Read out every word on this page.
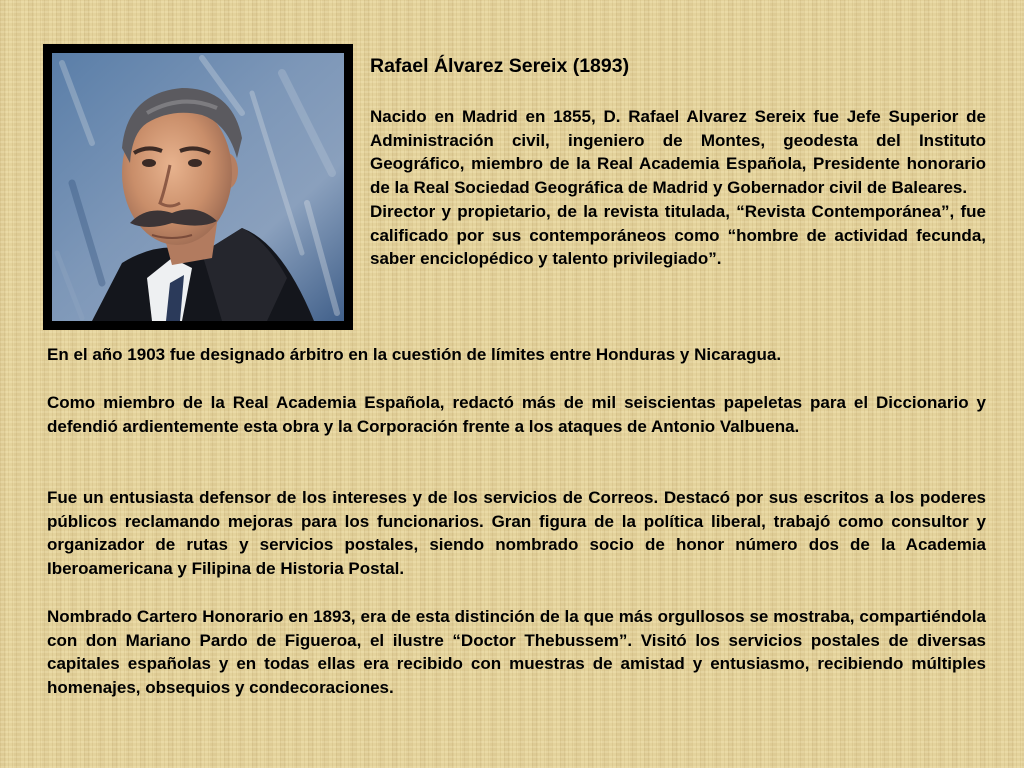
Rafael Álvarez Sereix (1893)

Nacido en Madrid en 1855, D. Rafael Alvarez Sereix fue Jefe Superior de Administración civil, ingeniero de Montes, geodesta del Instituto Geográfico, miembro de la Real Academia Española, Presidente honorario de la Real Sociedad Geográfica de Madrid y Gobernador civil de Baleares.

Director y propietario, de la revista titulada, “Revista Contemporánea”, fue calificado por sus contemporáneos como “hombre de actividad fecunda, saber enciclopédico y talento privilegiado”.

En el año 1903 fue designado árbitro en la cuestión de límites entre Honduras y Nicaragua.

Como miembro de la Real Academia Española, redactó más de mil seiscientas papeletas para el Diccionario y defendió ardientemente esta obra y la Corporación frente a los ataques de Antonio Valbuena.

Fue un entusiasta defensor de los intereses y de los servicios de Correos. Destacó por sus escritos a los poderes públicos reclamando mejoras para los funcionarios. Gran figura de la política liberal, trabajó como consultor y organizador de rutas y servicios postales, siendo nombrado socio de honor número dos de la Academia Iberoamericana y Filipina de Historia Postal.

Nombrado Cartero Honorario en 1893, era de esta distinción de la que más orgullosos se mostraba, compartiéndola con don Mariano Pardo de Figueroa, el ilustre “Doctor Thebussem”. Visitó los servicios postales de diversas capitales españolas y en todas ellas era recibido con muestras de amistad y entusiasmo, recibiendo múltiples homenajes, obsequios y condecoraciones.
